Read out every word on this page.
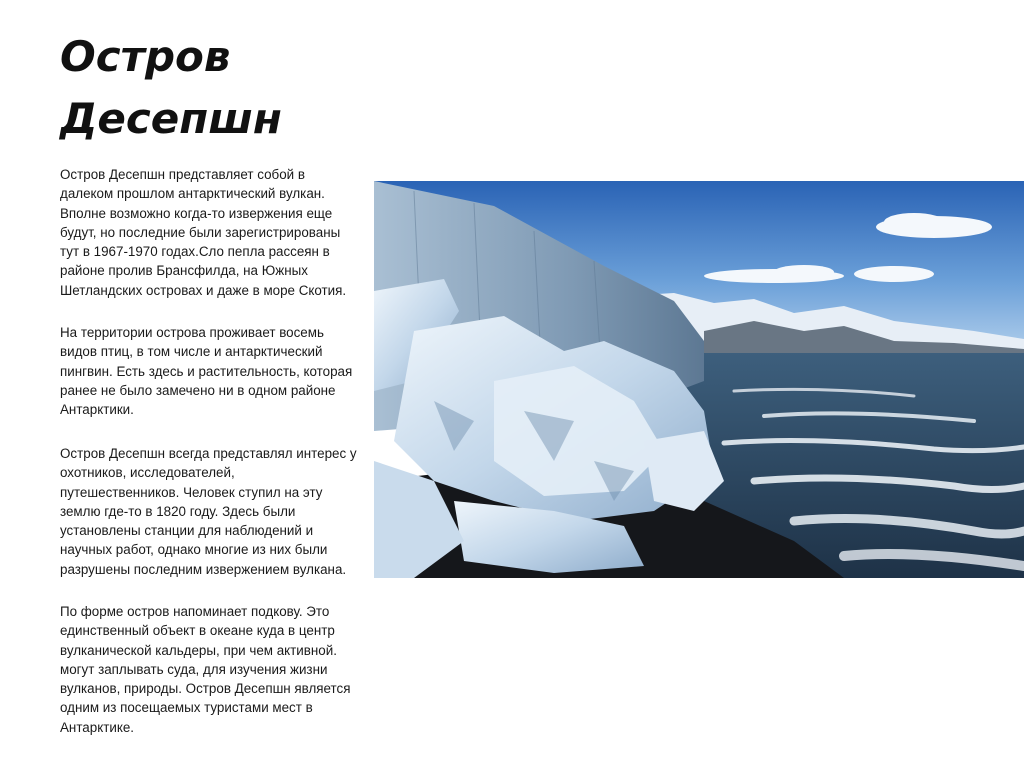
Остров
Десепшн
Остров Десепшн представляет собой в
далеком прошлом антарктический вулкан.
Вполне возможно когда-то извержения еще
будут, но последние были зарегистрированы
тут в 1967-1970 годах.Сло пепла рассеян в
районе пролив Брансфилда, на Южных
Шетландских островах и даже в море Скотия.
На территории острова проживает восемь
видов птиц, в том числе и антарктический
пингвин. Есть здесь и растительность, которая
ранее не было замечено ни в одном районе
Антарктики.
Остров Десепшн всегда представлял интерес у
охотников, исследователей,
путешественников. Человек ступил на эту
землю где-то в 1820 году. Здесь были
установлены станции для наблюдений и
научных работ, однако многие из них были
разрушены последним извержением вулкана.
По форме остров напоминает подкову. Это
единственный объект в океане куда в центр
вулканической кальдеры, при чем активной.
могут заплывать суда, для изучения жизни
вулканов, природы. Остров Десепшн является
одним из посещаемых туристами мест в
Антарктике.
